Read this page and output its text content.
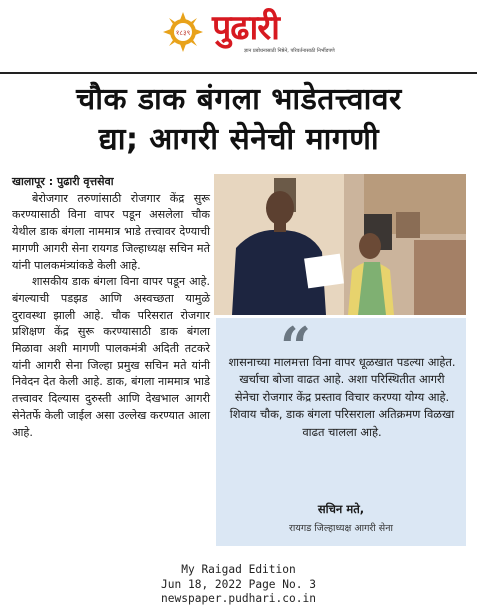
१८३९ पुढारी
ज्ञान प्रबोधनासाठी निष्ठेने, परिवर्तनासाठी निर्भीडपणे
चौक डाक बंगला भाडेतत्त्वावर
द्या; आगरी सेनेची मागणी
खालापूर : पुढारी वृत्तसेवा

बेरोजगार तरुणांसाठी रोजगार केंद्र सुरू करण्यासाठी विना वापर पडून असलेला चौक येथील डाक बंगला नाममात्र भाडे तत्त्वावर देण्याची मागणी आगरी सेना रायगड जिल्हाध्यक्ष सचिन मते यांनी पालकमंत्र्यांकडे केली आहे.

शासकीय डाक बंगला विना वापर पडून आहे. बंगल्याची पडझड आणि अस्वच्छता यामुळे दुरावस्था झाली आहे. चौक परिसरात रोजगार प्रशिक्षण केंद्र सुरू करण्यासाठी डाक बंगला मिळावा अशी मागणी पालकमंत्री अदिती तटकरे यांनी आगरी सेना जिल्हा प्रमुख सचिन मते यांनी निवेदन देत केली आहे. डाक, बंगला नाममात्र भाडे तत्त्वावर दिल्यास दुरुस्ती आणि देखभाल आगरी सेनेतर्फे केली जाईल असा उल्लेख करण्यात आला आहे.

“
शासनाच्या मालमत्ता विना वापर धूळखात पडल्या आहेत. खर्चाचा बोजा वाढत आहे. अशा परिस्थितीत आगरी सेनेचा रोजगार केंद्र प्रस्ताव विचार करण्या योग्य आहे. शिवाय चौक, डाक बंगला परिसराला अतिक्रमण विळखा वाढत चालला आहे.
सचिन मते,
रायगड जिल्हाध्यक्ष आगरी सेना
My Raigad Edition
Jun 18, 2022 Page No. 3
newspaper.pudhari.co.in
